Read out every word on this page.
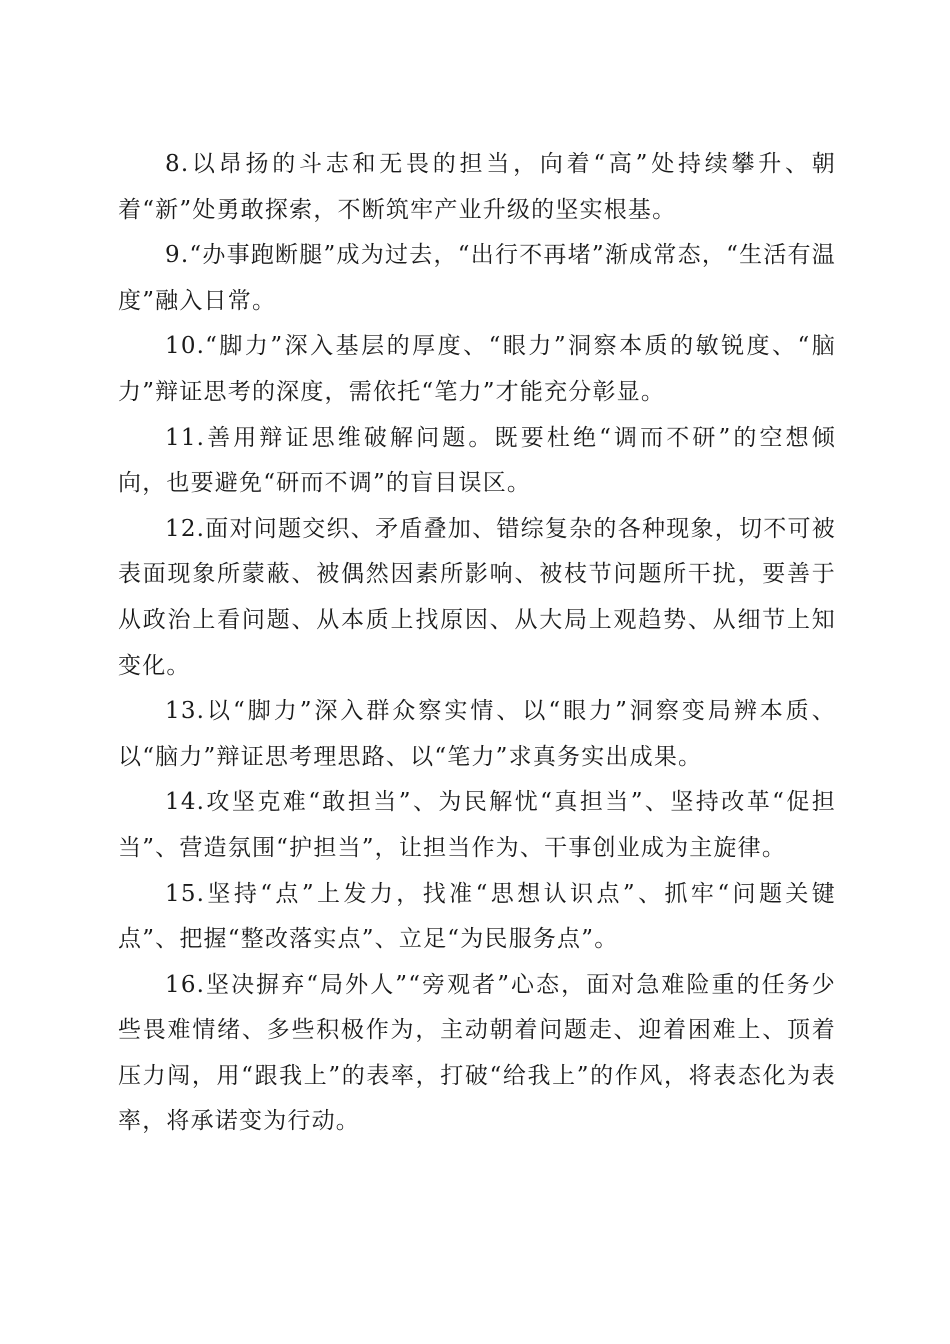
8.以昂扬的斗志和无畏的担当，向着“高”处持续攀升、朝着“新”处勇敢探索，不断筑牢产业升级的坚实根基。

9.“办事跑断腿”成为过去，“出行不再堵”渐成常态，“生活有温度”融入日常。

10.“脚力”深入基层的厚度、“眼力”洞察本质的敏锐度、“脑力”辩证思考的深度，需依托“笔力”才能充分彰显。

11.善用辩证思维破解问题。既要杜绝“调而不研”的空想倾向，也要避免“研而不调”的盲目误区。

12.面对问题交织、矛盾叠加、错综复杂的各种现象，切不可被表面现象所蒙蔽、被偶然因素所影响、被枝节问题所干扰，要善于从政治上看问题、从本质上找原因、从大局上观趋势、从细节上知变化。

13.以“脚力”深入群众察实情、以“眼力”洞察变局辨本质、以“脑力”辩证思考理思路、以“笔力”求真务实出成果。

14.攻坚克难“敢担当”、为民解忧“真担当”、坚持改革“促担当”、营造氛围“护担当”，让担当作为、干事创业成为主旋律。

15.坚持“点”上发力，找准“思想认识点”、抓牢“问题关键点”、把握“整改落实点”、立足“为民服务点”。

16.坚决摒弃“局外人”“旁观者”心态，面对急难险重的任务少些畏难情绪、多些积极作为，主动朝着问题走、迎着困难上、顶着压力闯，用“跟我上”的表率，打破“给我上”的作风，将表态化为表率，将承诺变为行动。
